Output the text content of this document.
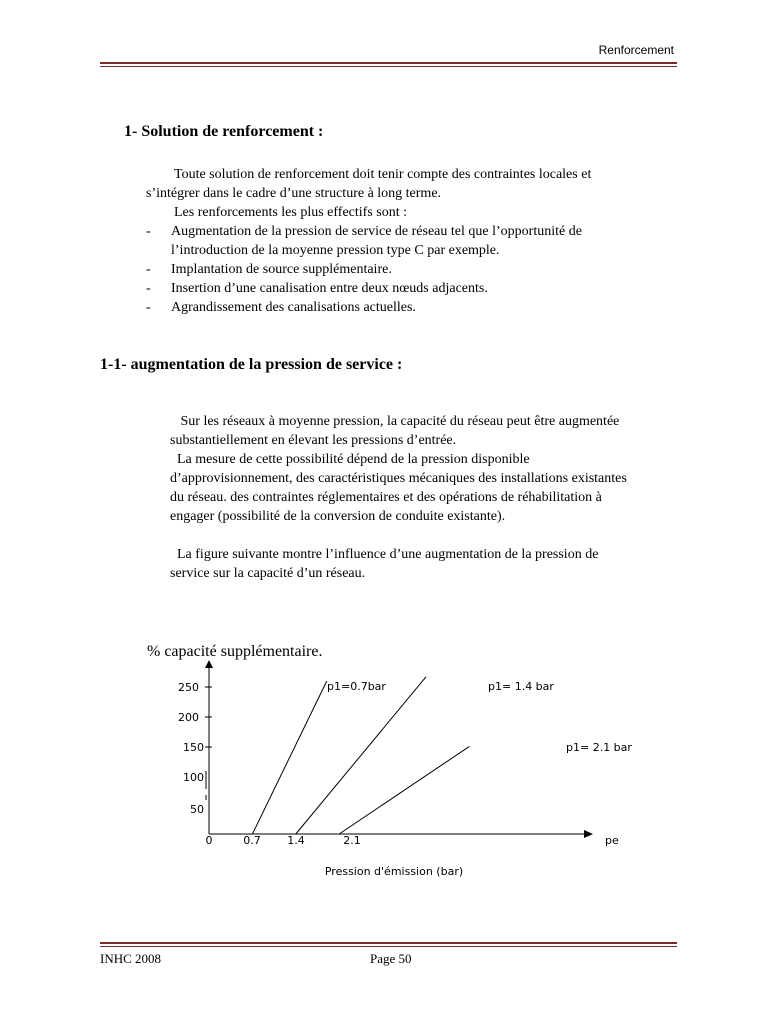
Renforcement
1- Solution de renforcement :

Toute solution de renforcement doit tenir compte des contraintes locales et

s’intégrer dans le cadre d’une structure à long terme.

Les renforcements les plus effectifs sont :

-	Augmentation de la pression de service de réseau tel que l’opportunité de
l’introduction de la moyenne pression type C par exemple.
-	Implantation de source supplémentaire.
-	Insertion d’une canalisation entre deux nœuds adjacents.
-	Agrandissement des canalisations actuelles.
1-1- augmentation de la pression de service :

Sur les réseaux à moyenne pression, la capacité du réseau peut être augmentée

substantiellement en élevant les pressions d’entrée.

La mesure de cette possibilité dépend de la pression disponible

d’approvisionnement, des caractéristiques mécaniques des installations existantes

du réseau. des contraintes réglementaires et des opérations de réhabilitation à

engager (possibilité de la conversion de conduite existante).

La figure suivante montre l’influence d’une augmentation de la pression de

service sur la capacité d’un réseau.

% capacité supplémentaire.
250
200
150
100
50
0	0.7 1.4	2.1	pe
p1=0.7bar	p1= 1.4 bar
p1= 2.1 bar
Pression d'émission (bar)
INHC 2008	Page 50
